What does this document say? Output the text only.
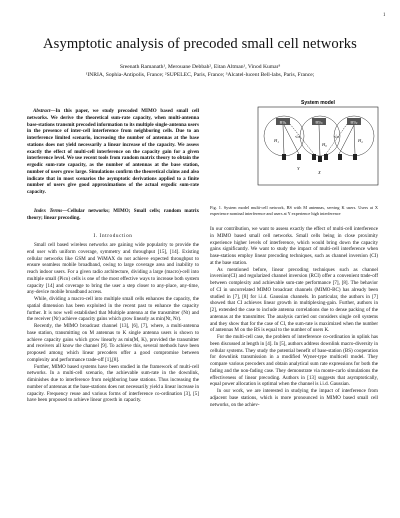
1
Asymptotic analysis of precoded small cell networks
Sreenath Ramanath¹, Merouane Debbah², Eitan Altman¹, Vinod Kumar³
¹INRIA, Sophia-Antipolis, France; ²SUPELEC, Paris, France; ³Alcatel-lucent Bell-labs, Paris, France;

Abstract—In this paper, we study precoded MIMO based small cell networks. We derive the theoretical sum-rate capacity, when multi-antenna base-stations transmit precoded information to its multiple single-antenna users in the presence of inter-cell interference from neighboring cells. Due to an interference limited scenario, increasing the number of antennas at the base stations does not yield necessarily a linear increase of the capacity. We assess exactly the effect of multi-cell interference on the capacity gain for a given interference level. We use recent tools from random matrix theory to obtain the ergodic sum-rate capacity, as the number of antennas at the base station, number of users grow large. Simulations confirm the theoretical claims and also indicate that in most scenarios the asymptotic derivations applied to a finite number of users give good approximations of the actual ergodic sum-rate capacity.

Index Terms—Cellular networks; MIMO; Small cells; random matrix theory; linear precoding.

I. Introduction

Small cell based wireless networks are gaining wide popularity to provide the end user with uniform coverage, symmetry and throughput [15], [14]. Existing cellular networks like GSM and WiMAX do not achieve expected throughput to ensure seamless mobile broadband, owing to large coverage area and inability to reach indoor users. For a given radio architecture, dividing a large (macro)-cell into multiple small (Pico) cells is one of the most effective ways to increase both system capacity [14] and coverage to bring the user a step closer to any-place, any-time, any-device mobile broadband access.

While, dividing a macro-cell into multiple small cells enhances the capacity, the spatial dimension has been exploited in the recent past to enhance the capacity further. It is now well established that Multiple antenna at the transmitter (Nt) and the receiver (Nr) achieve capacity gains which grow linearly as min(Nt, Nr).

Recently, the MIMO broadcast channel [13], [6], [7], where, a multi-antenna base station, transmitting on M antennas to K single antenna users is shown to achieve capacity gains which grow linearly as min(M, K), provided the transmitter and receivers all know the channel [9]. To achieve this, several methods have been proposed among which linear precoders offer a good compromise between complexity and performance trade-off [1],[8].

Further, MIMO based systems have been studied in the framework of multi-cell networks. In a multi-cell scenario, the achievable sum-rate in the downlink, diminishes due to interference from neighboring base stations. Thus increasing the number of antennas at the base-stations does not necessarily yield a linear increase in capacity. Frequency reuse and various forms of interference co-ordination [3], [5] have been proposed to achieve linear growth in capacity.

System model
BS₁	BS₀	BS₂
H₁
H₀
H₂
√α	√α
X
Y
Fig. 1. System model multi-cell network, BS with M antennas, serving K users. Users at X experience nominal interference and users at Y experience high interference

In our contribution, we want to assess exactly the effect of multi-cell interference in MIMO based small cell networks. Small cells being in close proximity experience higher levels of interference, which would bring down the capacity gains significantly. We want to study the impact of multi-cell interference when base-stations employ linear precoding techniques, such as channel inversion (CI) at the base station.

As mentioned before, linear precoding techniques such as channel inversion(CI) and regularized channel inversion (RCI) offer a convenient trade-off between complexity and achievable sum-rate performance [7], [8]. The behavior of CI in uncorrelated MIMO broadcast channels (MIMO-BC) has already been studied in [7], [8] for i.i.d. Gaussian channels. In particular, the authors in [7] showed that CI achieves linear growth in multiplexing-gain. Further, authors in [2], extended the case to include antenna correlations due to dense packing of the antennas at the transmitter. The analysis carried out considers single cell systems and they show that for the case of CI, the sum-rate is maximized when the number of antennas M on the BS is equal to the number of users K.

For the multi-cell case, the problem of interference co-ordination in uplink has been discussed at length in [4]. In [5], authors address downlink macro-diversity in cellular systems. They study the potential benefit of base-station (BS) cooperation for downlink transmission in a modified Wyner-type multicell model. They compare various precoders and obtain analytical sum rate expressions for both the fading and the non-fading case. They demonstrate via monte-carlo simulations the effectiveness of linear precoding. Authors in [13] suggests that asymptotically, equal power allocation is optimal when the channel is i.i.d. Gaussian.

In our work, we are interested in studying the impact of interference from adjacent base stations, which is more pronounced in MIMO based small cell networks, on the achiev-
